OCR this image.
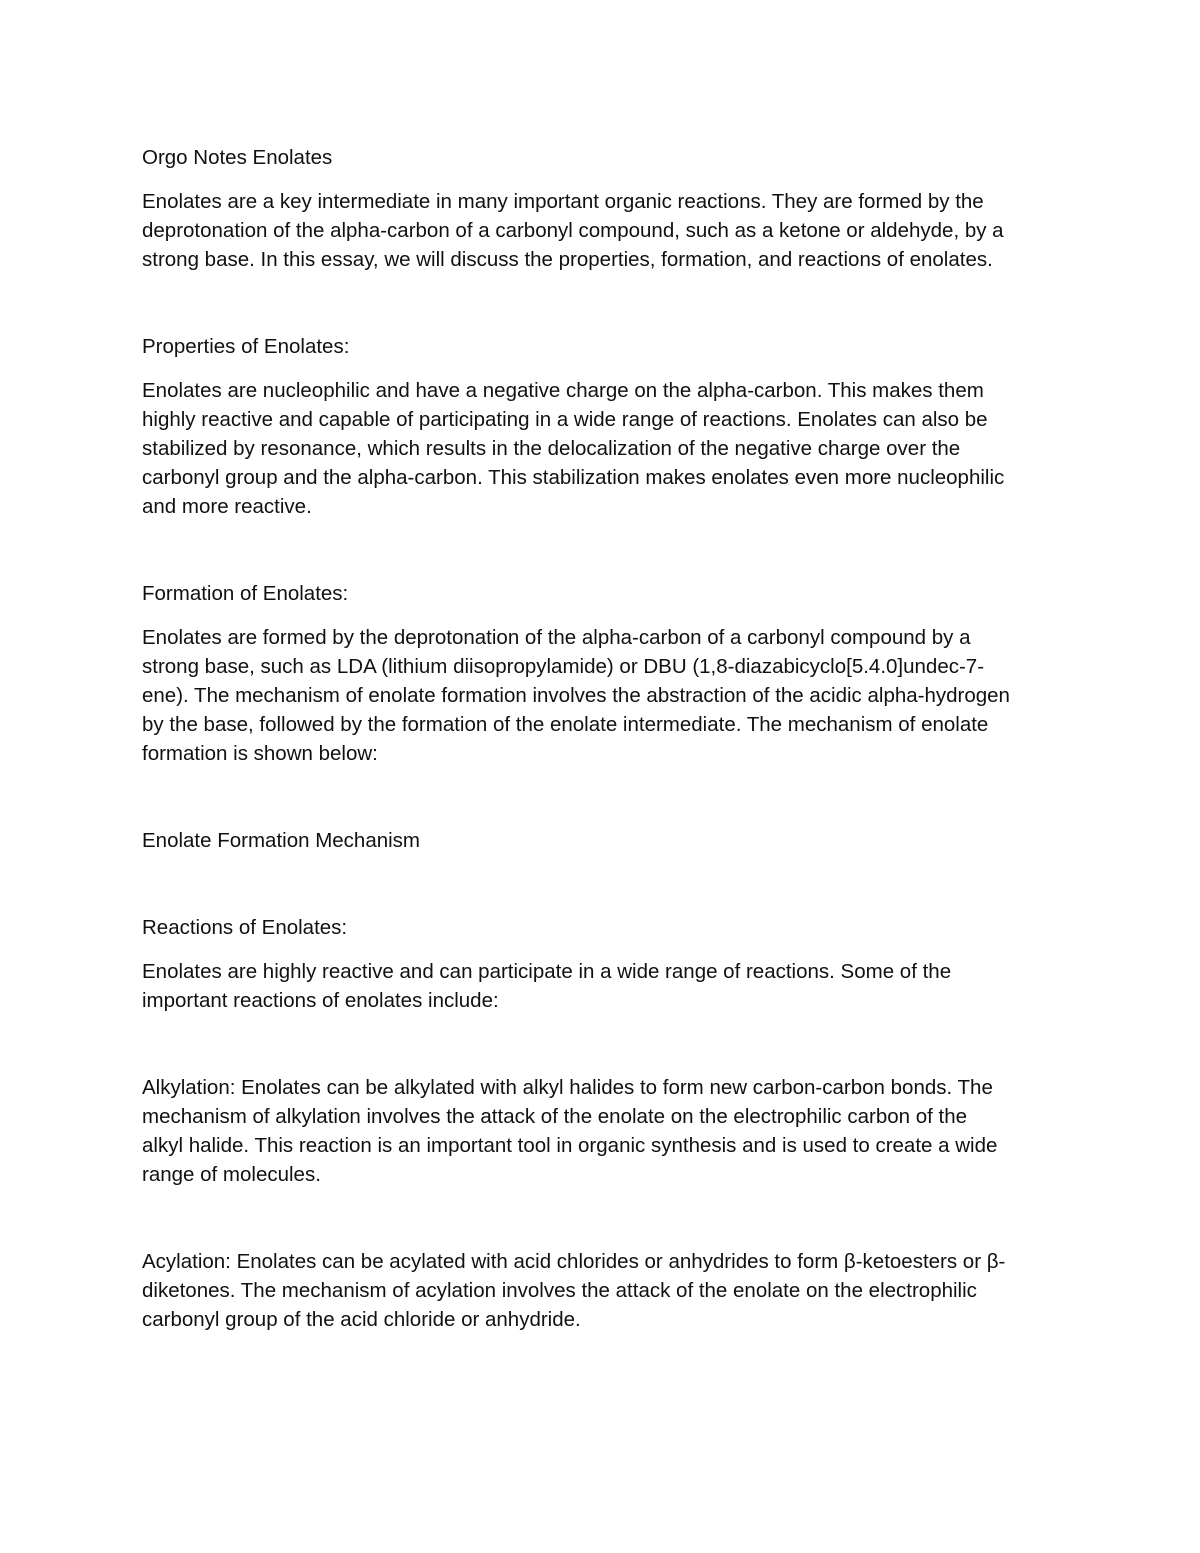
Orgo Notes Enolates
Enolates are a key intermediate in many important organic reactions. They are formed by the
deprotonation of the alpha-carbon of a carbonyl compound, such as a ketone or aldehyde, by a
strong base. In this essay, we will discuss the properties, formation, and reactions of enolates.
Properties of Enolates:
Enolates are nucleophilic and have a negative charge on the alpha-carbon. This makes them
highly reactive and capable of participating in a wide range of reactions. Enolates can also be
stabilized by resonance, which results in the delocalization of the negative charge over the
carbonyl group and the alpha-carbon. This stabilization makes enolates even more nucleophilic
and more reactive.
Formation of Enolates:
Enolates are formed by the deprotonation of the alpha-carbon of a carbonyl compound by a
strong base, such as LDA (lithium diisopropylamide) or DBU (1,8-diazabicyclo[5.4.0]undec-7-
ene). The mechanism of enolate formation involves the abstraction of the acidic alpha-hydrogen
by the base, followed by the formation of the enolate intermediate. The mechanism of enolate
formation is shown below:
Enolate Formation Mechanism
Reactions of Enolates:
Enolates are highly reactive and can participate in a wide range of reactions. Some of the
important reactions of enolates include:
Alkylation: Enolates can be alkylated with alkyl halides to form new carbon-carbon bonds. The
mechanism of alkylation involves the attack of the enolate on the electrophilic carbon of the
alkyl halide. This reaction is an important tool in organic synthesis and is used to create a wide
range of molecules.
Acylation: Enolates can be acylated with acid chlorides or anhydrides to form β-ketoesters or β-
diketones. The mechanism of acylation involves the attack of the enolate on the electrophilic
carbonyl group of the acid chloride or anhydride.
